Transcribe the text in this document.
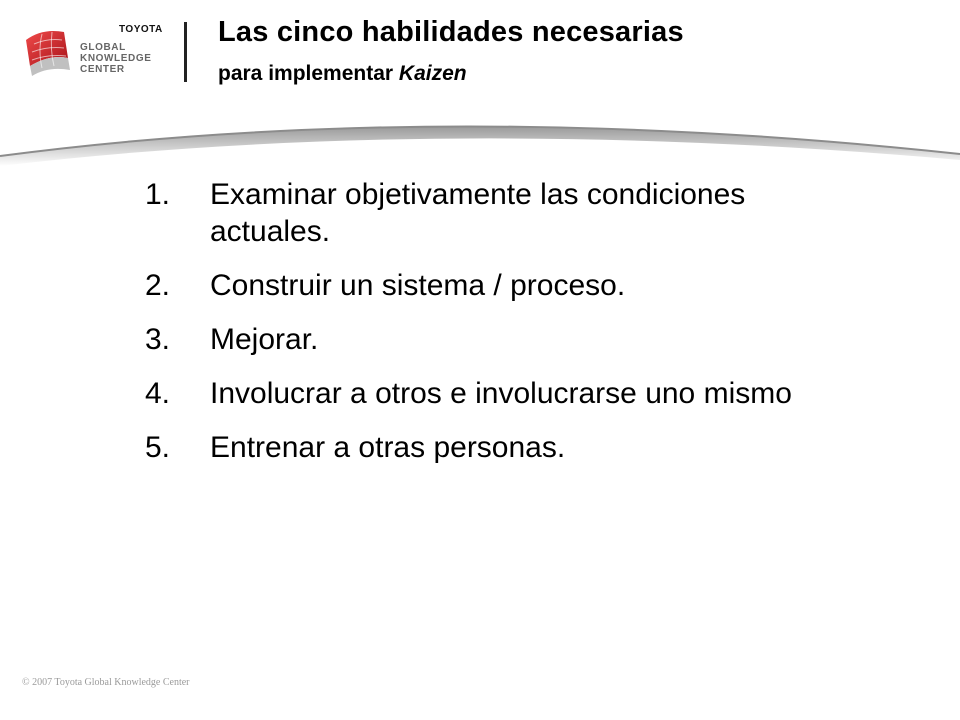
TOYOTA
GLOBAL
KNOWLEDGE
CENTER
Las cinco habilidades necesarias
para implementar Kaizen
1. Examinar objetivamente las condiciones actuales.
2. Construir un sistema / proceso.
3. Mejorar.
4. Involucrar a otros e involucrarse uno mismo
5. Entrenar a otras personas.
© 2007 Toyota Global Knowledge Center
